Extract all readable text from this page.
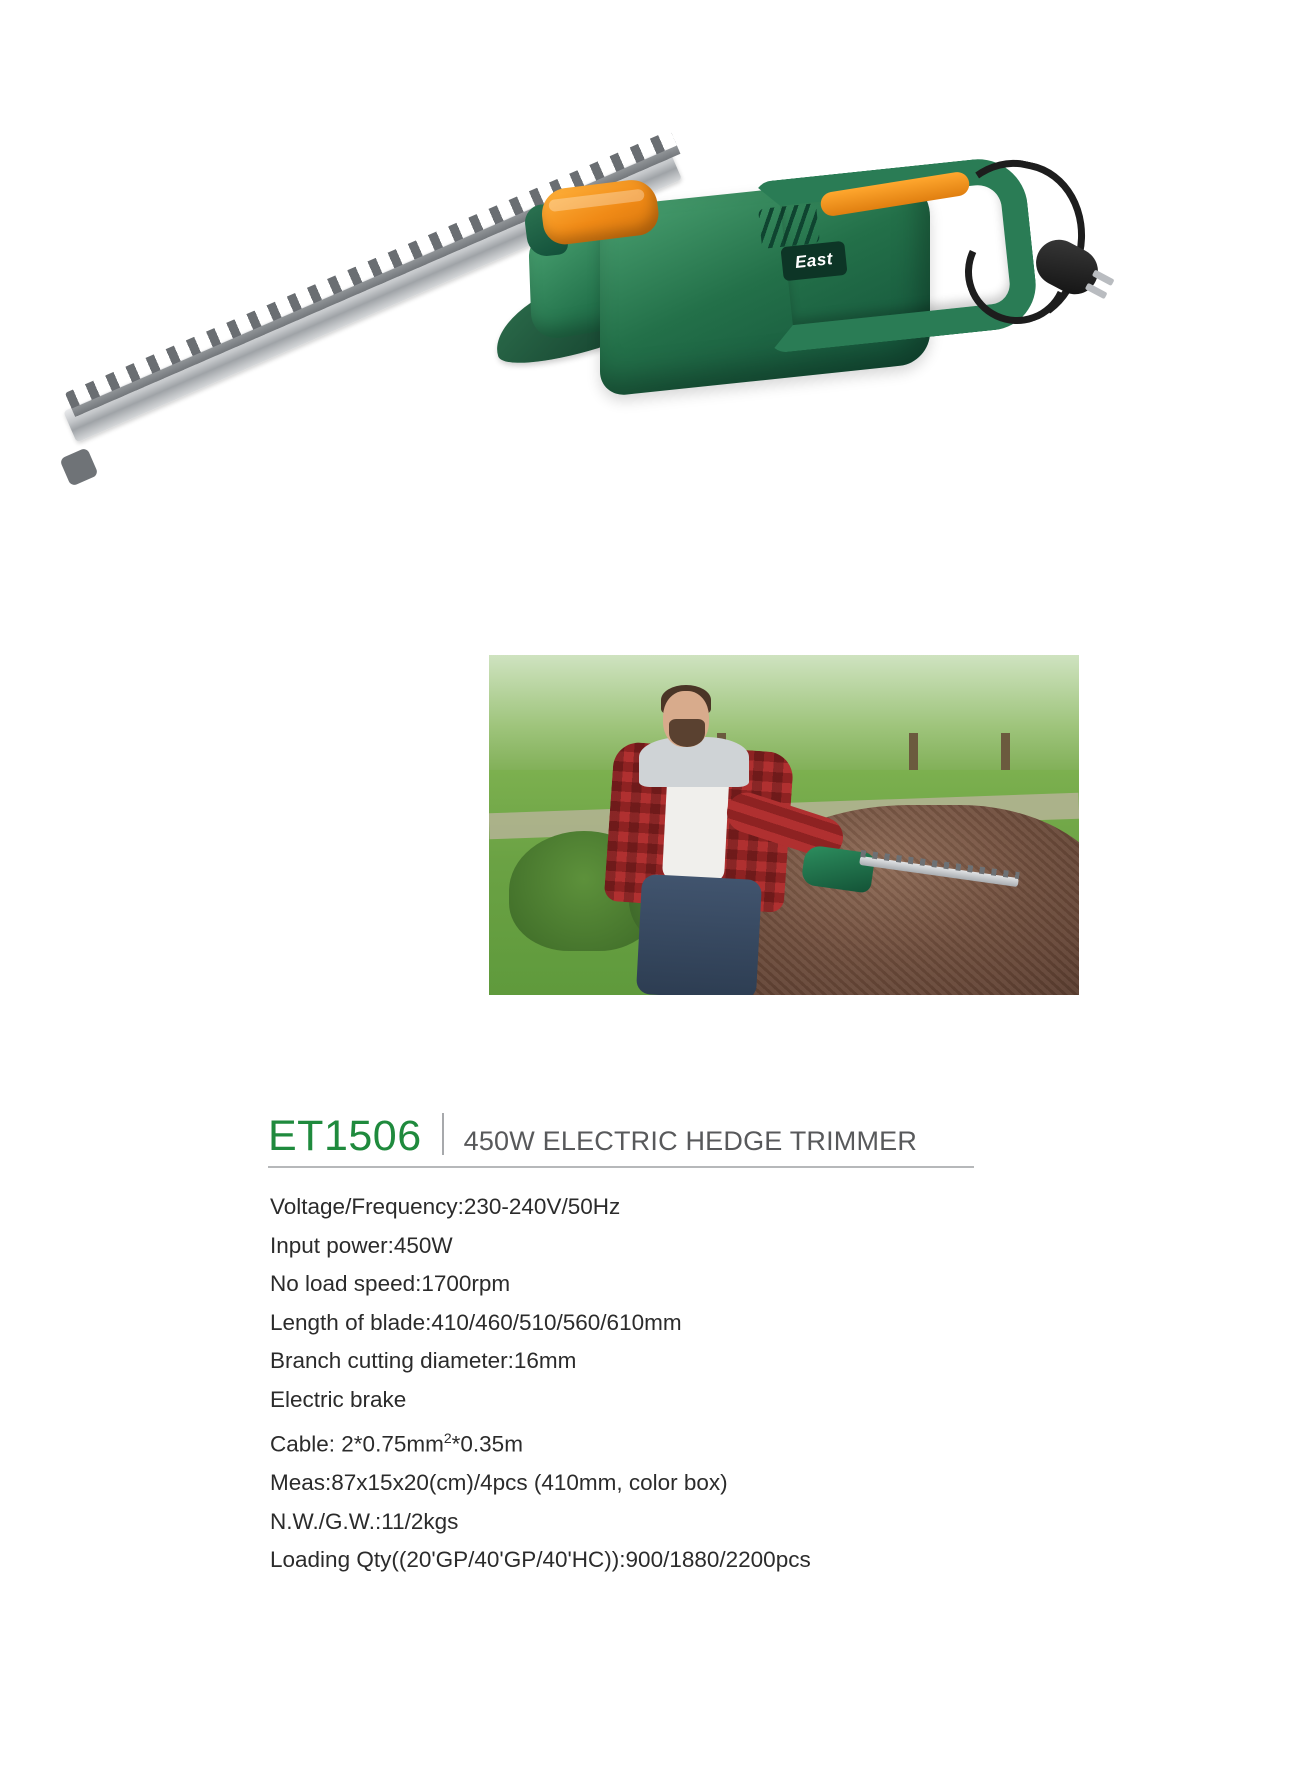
East
ET1506 450W ELECTRIC HEDGE TRIMMER
Voltage/Frequency:230-240V/50Hz
Input power:450W
No load speed:1700rpm
Length of blade:410/460/510/560/610mm
Branch cutting diameter:16mm
Electric brake
Cable: $2*0.75mm^2*0.35m$
Meas:87x15x20(cm)/4pcs (410mm, color box)
N.W./G.W.:11/2kgs
Loading Qty((20'GP/40'GP/40'HC)):900/1880/2200pcs
